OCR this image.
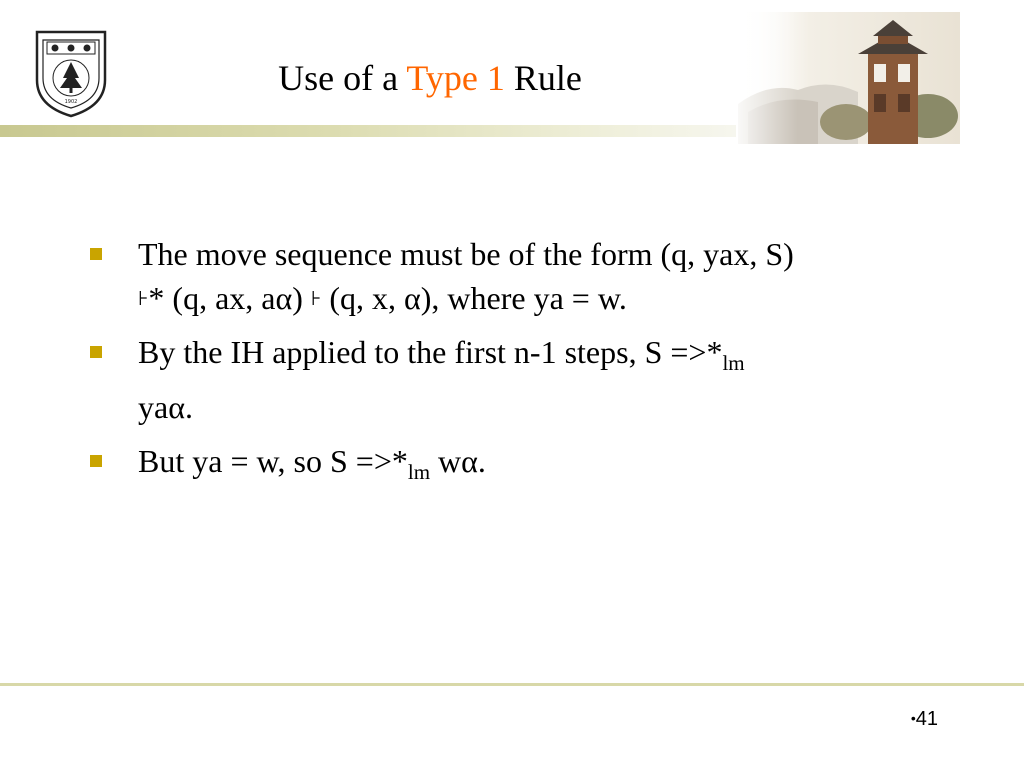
1902
Use of a Type 1 Rule
The move sequence must be of the form (q, yax, S)
⊦* (q, ax, aα) ⊦ (q, x, α), where ya = w.
By the IH applied to the first n-1 steps, $S =>*_{lm}$
yaα.
But ya = w, so $S =>*_{lm}$ wα.
•41
